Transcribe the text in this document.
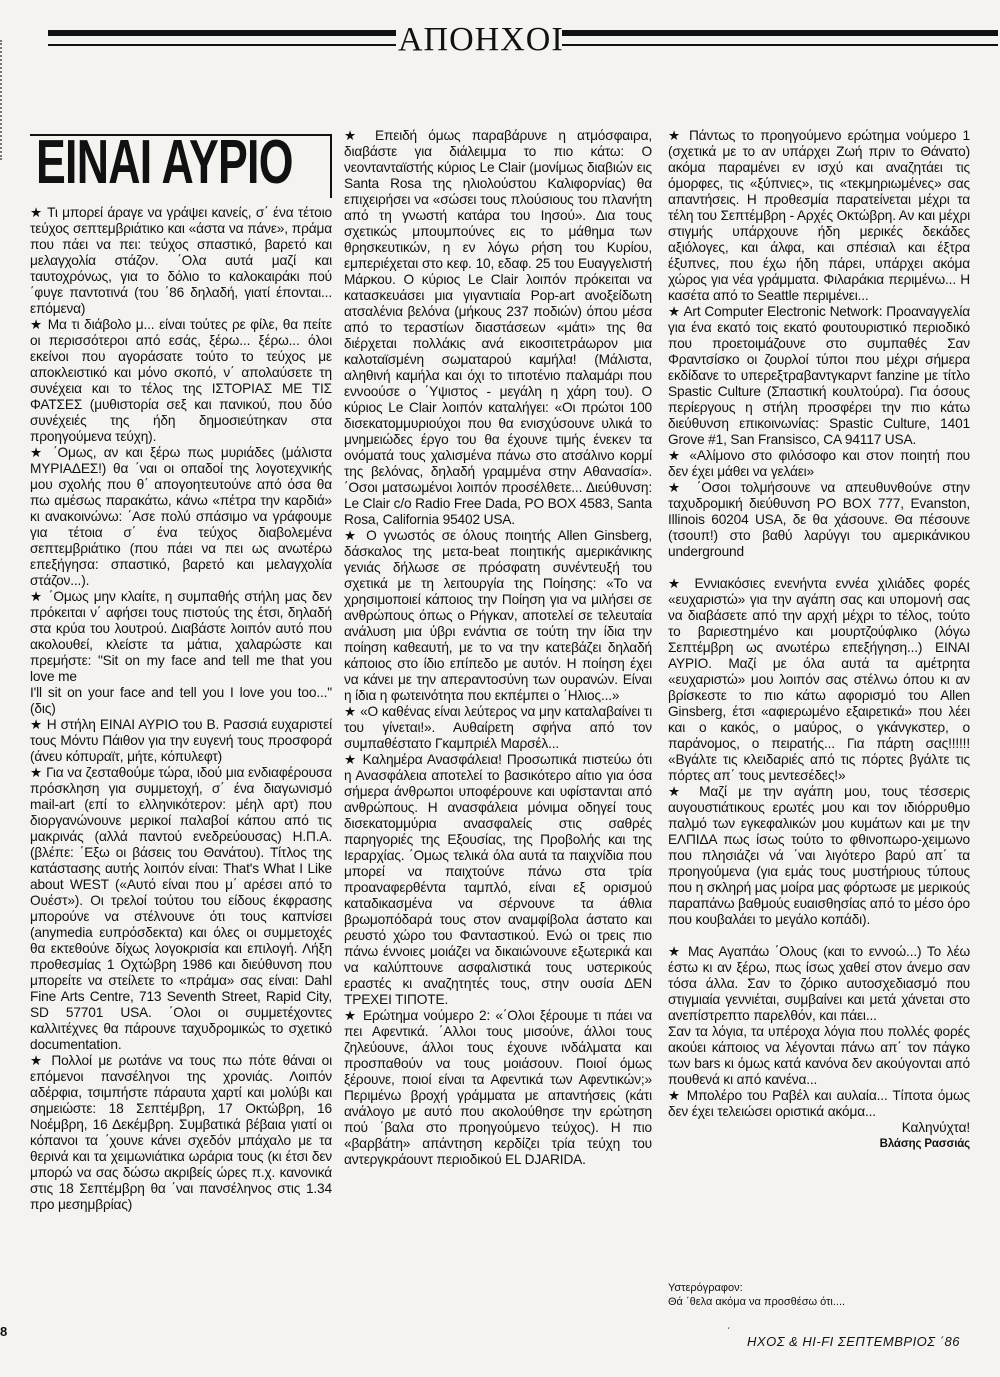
ΑΠΟΗΧΟΙ
ΕΙΝΑΙ ΑΥΡΙΟ

★ Τι μπορεί άραγε να γράψει κανείς, σ΄ ένα τέτοιο τεύχος σεπτεμβριάτικο και «άστα να πάνε», πράμα που πάει να πει: τεύχος σπαστικό, βαρετό και μελαγχολία στάζον. ΄Ολα αυτά μαζί και ταυτοχρόνως, για το δόλιο το καλοκαιράκι πού ΄φυγε παντοτινά (του ΄86 δηλαδή, γιατί έπονται... επόμενα)

★ Μα τι διάβολο μ... είναι τούτες ρε φίλε, θα πείτε οι περισσότεροι από εσάς, ξέρω... ξέρω... όλοι εκείνοι που αγοράσατε τούτο το τεύχος με αποκλειστικό και μόνο σκοπό, ν΄ απολαύσετε τη συνέχεια και το τέλος της ΙΣΤΟΡΙΑΣ ΜΕ ΤΙΣ ΦΑΤΣΕΣ (μυθιστορία σεξ και πανικού, που δύο συνέχειές της ήδη δημοσιεύτηκαν στα προηγούμενα τεύχη).

★ ΄Ομως, αν και ξέρω πως μυριάδες (μάλιστα ΜΥΡΙΑΔΕΣ!) θα ΄ναι οι οπαδοί της λογοτεχνικής μου σχολής που θ΄ απογοητευτούνε από όσα θα πω αμέσως παρακάτω, κάνω «πέτρα την καρδιά» κι ανακοινώνω: ΄Ασε πολύ σπάσιμο να γράφουμε για τέτοια σ΄ ένα τεύχος διαβολεμένα σεπτεμβριάτικο (που πάει να πει ως ανωτέρω επεξήγησα: σπαστικό, βαρετό και μελαγχολία στάζον...).

★ ΄Ομως μην κλαίτε, η συμπαθής στήλη μας δεν πρόκειται ν΄ αφήσει τους πιστούς της έτσι, δηλαδή στα κρύα του λουτρού. Διαβάστε λοιπόν αυτό που ακολουθεί, κλείστε τα μάτια, χαλαρώστε και πρεμήστε: "Sit on my face and tell me that you love me

I'll sit on your face and tell you I love you too..." (δις)

★ Η στήλη ΕΙΝΑΙ ΑΥΡΙΟ του Β. Ρασσιά ευχαριστεί τους Μόντυ Πάιθον για την ευγενή τους προσφορά (άνευ κόπυραϊτ, μήτε, κόπυλεφτ)

★ Για να ζεσταθούμε τώρα, ιδού μια ενδιαφέρουσα πρόσκληση για συμμετοχή, σ΄ ένα διαγωνισμό mail-art (επί το ελληνικότερον: μέηλ αρτ) που διοργανώνουνε μερικοί παλαβοί κάπου από τις μακρινάς (αλλά παντού ενεδρεύουσας) Η.Π.Α. (βλέπε: ΄Εξω οι βάσεις του Θανάτου). Τίτλος της κατάστασης αυτής λοιπόν είναι: That's What I Like about WEST («Αυτό είναι που μ΄ αρέσει από το Ουέστ»). Οι τρελοί τούτου του είδους έκφρασης μπορούνε να στέλνουνε ότι τους καπνίσει (anymedia ευπρόσδεκτα) και όλες οι συμμετοχές θα εκτεθούνε δίχως λογοκρισία και επιλογή. Λήξη προθεσμίας 1 Οχτώβρη 1986 και διεύθυνση που μπορείτε να στείλετε το «πράμα» σας είναι: Dahl Fine Arts Centre, 713 Seventh Street, Rapid City, SD 57701 USA. ΄Ολοι οι συμμετέχοντες καλλιτέχνες θα πάρουνε ταχυδρομικώς το σχετικό documentation.

★ Πολλοί με ρωτάνε να τους πω πότε θάναι οι επόμενοι πανσέληνοι της χρονιάς. Λοιπόν αδέρφια, τσιμπήστε πάραυτα χαρτί και μολύβι και σημειώστε: 18 Σεπτέμβρη, 17 Οκτώβρη, 16 Νοέμβρη, 16 Δεκέμβρη. Συμβατικά βέβαια γιατί οι κόπανοι τα ΄χουνε κάνει σχεδόν μπάχαλο με τα θερινά και τα χειμωνιάτικα ωράρια τους (κι έτσι δεν μπορώ να σας δώσω ακριβείς ώρες π.χ. κανονικά στις 18 Σεπτέμβρη θα ΄ναι πανσέληνος στις 1.34 προ μεσημβρίας)

★ Επειδή όμως παραβάρυνε η ατμόσφαιρα, διαβάστε για διάλειμμα το πιο κάτω: Ο νεοντανταϊστής κύριος Le Clair (μονίμως διαβιών εις Santa Rosa της ηλιολούστου Καλιφορνίας) θα επιχειρήσει να «σώσει τους πλούσιους του πλανήτη από τη γνωστή κατάρα του Ιησού». Δια τους σχετικώς μπουμπούνες εις το μάθημα των θρησκευτικών, η εν λόγω ρήση του Κυρίου, εμπεριέχεται στο κεφ. 10, εδαφ. 25 του Ευαγγελιστή Μάρκου. Ο κύριος Le Clair λοιπόν πρόκειται να κατασκευάσει μια γιγαντιαία Pop-art ανοξείδωτη ατσαλένια βελόνα (μήκους 237 ποδιών) όπου μέσα από το τεραστίων διαστάσεων «μάτι» της θα διέρχεται πολλάκις ανά εικοσιτετράωρον μια καλοταϊσμένη σωματαρού καμήλα! (Μάλιστα, αληθινή καμήλα και όχι το τιποτένιο παλαμάρι που εννοούσε ο ΄Υψιστος - μεγάλη η χάρη του). Ο κύριος Le Clair λοιπόν καταλήγει: «Οι πρώτοι 100 δισεκατομμυριούχοι που θα ενισχύσουνε υλικά το μνημειώδες έργο του θα έχουνε τιμής ένεκεν τα ονόματά τους χαλισμένα πάνω στο ατσάλινο κορμί της βελόνας, δηλαδή γραμμένα στην Αθανασία». ΄Οσοι ματσωμένοι λοιπόν προσέλθετε... Διεύθυνση: Le Clair c/o Radio Free Dada, PO BOX 4583, Santa Rosa, California 95402 USA.

★ Ο γνωστός σε όλους ποιητής Allen Ginsberg, δάσκαλος της μετα-beat ποιητικής αμερικάνικης γενιάς δήλωσε σε πρόσφατη συνέντευξή του σχετικά με τη λειτουργία της Ποίησης: «Το να χρησιμοποιεί κάποιος την Ποίηση για να μιλήσει σε ανθρώπους όπως ο Ρήγκαν, αποτελεί σε τελευταία ανάλυση μια ύβρι ενάντια σε τούτη την ίδια την ποίηση καθεαυτή, με το να την κατεβάζει δηλαδή κάποιος στο ίδιο επίπεδο με αυτόν. Η ποίηση έχει να κάνει με την απεραντοσύνη των ουρανών. Είναι η ίδια η φωτεινότητα που εκπέμπει ο ΄Ηλιος...»

★ «Ο καθένας είναι λεύτερος να μην καταλαβαίνει τι του γίνεται!». Αυθαίρετη σφήνα από τον συμπαθέστατο Γκαμπριέλ Μαρσέλ...

★ Καλημέρα Ανασφάλεια! Προσωπικά πιστεύω ότι η Ανασφάλεια αποτελεί το βασικότερο αίτιο για όσα σήμερα άνθρωποι υποφέρουνε και υφίστανται από ανθρώπους. Η ανασφάλεια μόνιμα οδηγεί τους δισεκατομμύρια ανασφαλείς στις σαθρές παρηγοριές της Εξουσίας, της Προβολής και της Ιεραρχίας. ΄Ομως τελικά όλα αυτά τα παιχνίδια που μπορεί να παιχτούνε πάνω στα τρία προαναφερθέντα ταμπλό, είναι εξ ορισμού καταδικασμένα να σέρνουνε τα άθλια βρωμοπόδαρά τους στον αναμφίβολα άστατο και ρευστό χώρο του Φανταστικού. Ενώ οι τρεις πιο πάνω έννοιες μοιάζει να δικαιώνουνε εξωτερικά και να καλύπτουνε ασφαλιστικά τους υστερικούς εραστές κι αναζητητές τους, στην ουσία ΔΕΝ ΤΡΕΧΕΙ ΤΙΠΟΤΕ.

★ Ερώτημα νούμερο 2: «΄Ολοι ξέρουμε τι πάει να πει Αφεντικά. ΄Αλλοι τους μισούνε, άλλοι τους ζηλεύουνε, άλλοι τους έχουνε ινδάλματα και προσπαθούν να τους μοιάσουν. Ποιοί όμως ξέρουνε, ποιοί είναι τα Αφεντικά των Αφεντικών;» Περιμένω βροχή γράμματα με απαντήσεις (κάτι ανάλογο με αυτό που ακολούθησε την ερώτηση πού ΄βαλα στο προηγούμενο τεύχος). Η πιο «βαρβάτη» απάντηση κερδίζει τρία τεύχη του αντεργκράουντ περιοδικού EL DJARIDA.

★ Πάντως το προηγούμενο ερώτημα νούμερο 1 (σχετικά με το αν υπάρχει Ζωή πριν το Θάνατο) ακόμα παραμένει εν ισχύ και αναζητάει τις όμορφες, τις «ξύπνιες», τις «τεκμηριωμένες» σας απαντήσεις. Η προθεσμία παρατείνεται μέχρι τα τέλη του Σεπτέμβρη - Αρχές Οκτώβρη. Αν και μέχρι στιγμής υπάρχουνε ήδη μερικές δεκάδες αξιόλογες, και άλφα, και σπέσιαλ και έξτρα έξυπνες, που έχω ήδη πάρει, υπάρχει ακόμα χώρος για νέα γράμματα. Φιλαράκια περιμένω... Η κασέτα από το Seattle περιμένει...

★ Art Computer Electronic Network: Προαναγγελία για ένα εκατό τοις εκατό φουτουριστικό περιοδικό που προετοιμάζουνε στο συμπαθές Σαν Φραντσίσκο οι ζουρλοί τύποι που μέχρι σήμερα εκδίδανε το υπερεξτραβαντγκαρντ fanzine με τίτλο Spastic Culture (Σπαστική κουλτούρα). Για όσους περίεργους η στήλη προσφέρει την πιο κάτω διεύθυνση επικοινωνίας: Spastic Culture, 1401 Grove #1, San Fransisco, CA 94117 USA.

★ «Αλίμονο στο φιλόσοφο και στον ποιητή που δεν έχει μάθει να γελάει»

★ ΄Οσοι τολμήσουνε να απευθυνθούνε στην ταχυδρομική διεύθυνση PO BOX 777, Evanston, Illinois 60204 USA, δε θα χάσουνε. Θα πέσουνε (τσουπ!) στο βαθύ λαρύγγι του αμερικάνικου underground

★ Εννιακόσιες ενενήντα εννέα χιλιάδες φορές «ευχαριστώ» για την αγάπη σας και υπομονή σας να διαβάσετε από την αρχή μέχρι το τέλος, τούτο το βαριεστημένο και μουρτζούφλικο (λόγω Σεπτέμβρη ως ανωτέρω επεξήγηση...) ΕΙΝΑΙ ΑΥΡΙΟ. Μαζί με όλα αυτά τα αμέτρητα «ευχαριστώ» μου λοιπόν σας στέλνω όπου κι αν βρίσκεστε το πιο κάτω αφορισμό του Allen Ginsberg, έτσι «αφιερωμένο εξαιρετικά» που λέει και ο κακός, ο μαύρος, ο γκάνγκστερ, ο παράνομος, ο πειρατής... Για πάρτη σας!!!!!! «Βγάλτε τις κλειδαριές από τις πόρτες βγάλτε τις πόρτες απ΄ τους μεντεσέδες!»

★ Μαζί με την αγάπη μου, τους τέσσερις αυγουστιάτικους ερωτές μου και τον ιδιόρρυθμο παλμό των εγκεφαλικών μου κυμάτων και με την ΕΛΠΙΔΑ πως ίσως τούτο το φθινοπωρο-χειμωνο που πλησιάζει νά ΄ναι λιγότερο βαρύ απ΄ τα προηγούμενα (για εμάς τους μυστήριους τύπους που η σκληρή μας μοίρα μας φόρτωσε με μερικούς παραπάνω βαθμούς ευαισθησίας από το μέσο όρο που κουβαλάει το μεγάλο κοπάδι).

★ Μας Αγαπάω ΄Ολους (και το εννοώ...) Το λέω έστω κι αν ξέρω, πως ίσως χαθεί στον άνεμο σαν τόσα άλλα. Σαν το ζόρικο αυτοσχεδιασμό που στιγμιαία γεννιέται, συμβαίνει και μετά χάνεται στο ανεπίστρεπτο παρελθόν, και πάει...

Σαν τα λόγια, τα υπέροχα λόγια που πολλές φορές ακούει κάποιος να λέγονται πάνω απ΄ τον πάγκο των bars κι όμως κατά κανόνα δεν ακούγονται από πουθενά κι από κανένα...

★ Μπολέρο του Ραβέλ και αυλαία... Τίποτα όμως δεν έχει τελειώσει οριστικά ακόμα...

Καληνύχτα!

Βλάσης Ρασσιάς

Υστερόγραφον:
Θά ΄θελα ακόμα να προσθέσω ότι....
8	΄
ΗΧΟΣ & HI-FI ΣΕΠΤΕΜΒΡΙΟΣ ΄86
